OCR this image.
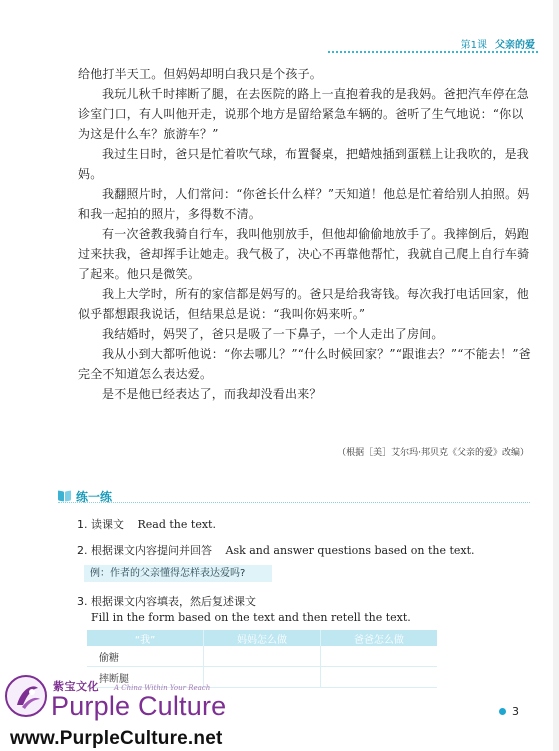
第1课 父亲的爱

给他打半天工。但妈妈却明白我只是个孩子。

我玩儿秋千时摔断了腿，在去医院的路上一直抱着我的是我妈。爸把汽车停在急诊室门口，有人叫他开走，说那个地方是留给紧急车辆的。爸听了生气地说：“你以为这是什么车？旅游车？”

我过生日时，爸只是忙着吹气球，布置餐桌，把蜡烛插到蛋糕上让我吹的，是我妈。

我翻照片时，人们常问：“你爸长什么样？”天知道！他总是忙着给别人拍照。妈和我一起拍的照片，多得数不清。

有一次爸教我骑自行车，我叫他别放手，但他却偷偷地放手了。我摔倒后，妈跑过来扶我，爸却挥手让她走。我气极了，决心不再靠他帮忙，我就自己爬上自行车骑了起来。他只是微笑。

我上大学时，所有的家信都是妈写的。爸只是给我寄钱。每次我打电话回家，他似乎都想跟我说话，但结果总是说：“我叫你妈来听。”

我结婚时，妈哭了，爸只是吸了一下鼻子，一个人走出了房间。

我从小到大都听他说：“你去哪儿？”“什么时候回家？”“跟谁去？”“不能去！”爸完全不知道怎么表达爱。

是不是他已经表达了，而我却没看出来？

（根据［美］艾尔玛·邦贝克《父亲的爱》改编）
练一练
1. 读课文 Read the text.
2. 根据课文内容提问并回答 Ask and answer questions based on the text.
例：作者的父亲懂得怎样表达爱吗?
3. 根据课文内容填表，然后复述课文
Fill in the form based on the text and then retell the text.
“我”	妈妈怎么做	爸爸怎么做
偷糖		
摔断腿		
3
紫宝文化 A China Within Your Reach
Purple Culture
www.PurpleCulture.net
